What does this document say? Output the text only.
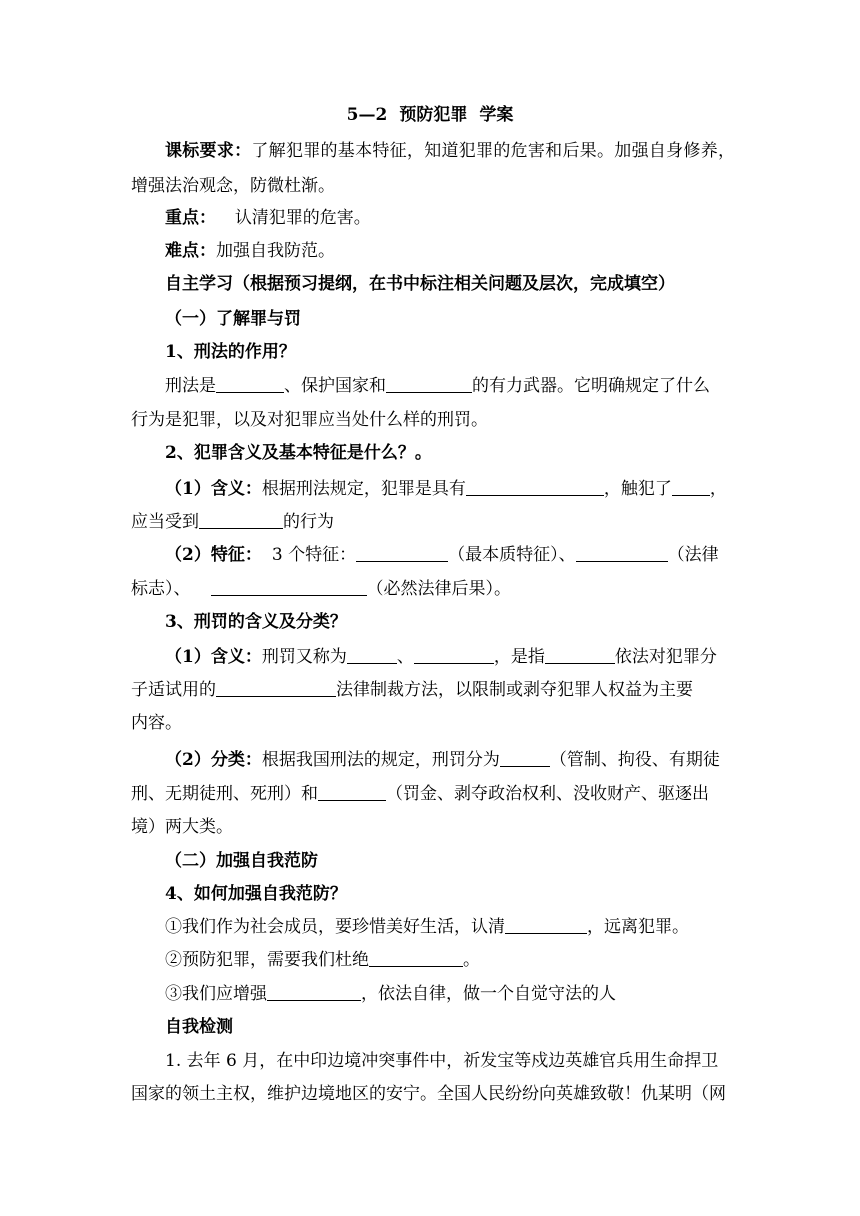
5—2 预防犯罪 学案
课标要求：了解犯罪的基本特征，知道犯罪的危害和后果。加强自身修养，
增强法治观念，防微杜渐。
重点： 认清犯罪的危害。
难点：加强自我防范。
自主学习（根据预习提纲，在书中标注相关问题及层次，完成填空）
（一）了解罪与罚
1、刑法的作用？
刑法是	、保护国家和	的有力武器。它明确规定了什么
行为是犯罪，以及对犯罪应当处什么样的刑罚。
2、犯罪含义及基本特征是什么？。
（1）含义：根据刑法规定，犯罪是具有	，触犯了 ，
应当受到	的行为
（2）特征： 3 个特征：	（最本质特征）、	（法律
标志）、	（必然法律后果）。
3、刑罚的含义及分类？
（1）含义：刑罚又称为	、	，是指	依法对犯罪分
子适试用的	法律制裁方法，以限制或剥夺犯罪人权益为主要
内容。
（2）分类：根据我国刑法的规定，刑罚分为	（管制、拘役、有期徒
刑、无期徒刑、死刑）和	（罚金、剥夺政治权利、没收财产、驱逐出
境）两大类。
（二）加强自我范防
4、如何加强自我范防？
①我们作为社会成员，要珍惜美好生活，认清	，远离犯罪。
②预防犯罪，需要我们杜绝	。
③我们应增强	，依法自律，做一个自觉守法的人
自我检测
1. 去年 6 月，在中印边境冲突事件中，祈发宝等戍边英雄官兵用生命捍卫
国家的领土主权，维护边境地区的安宁。全国人民纷纷向英雄致敬！仇某明（网
